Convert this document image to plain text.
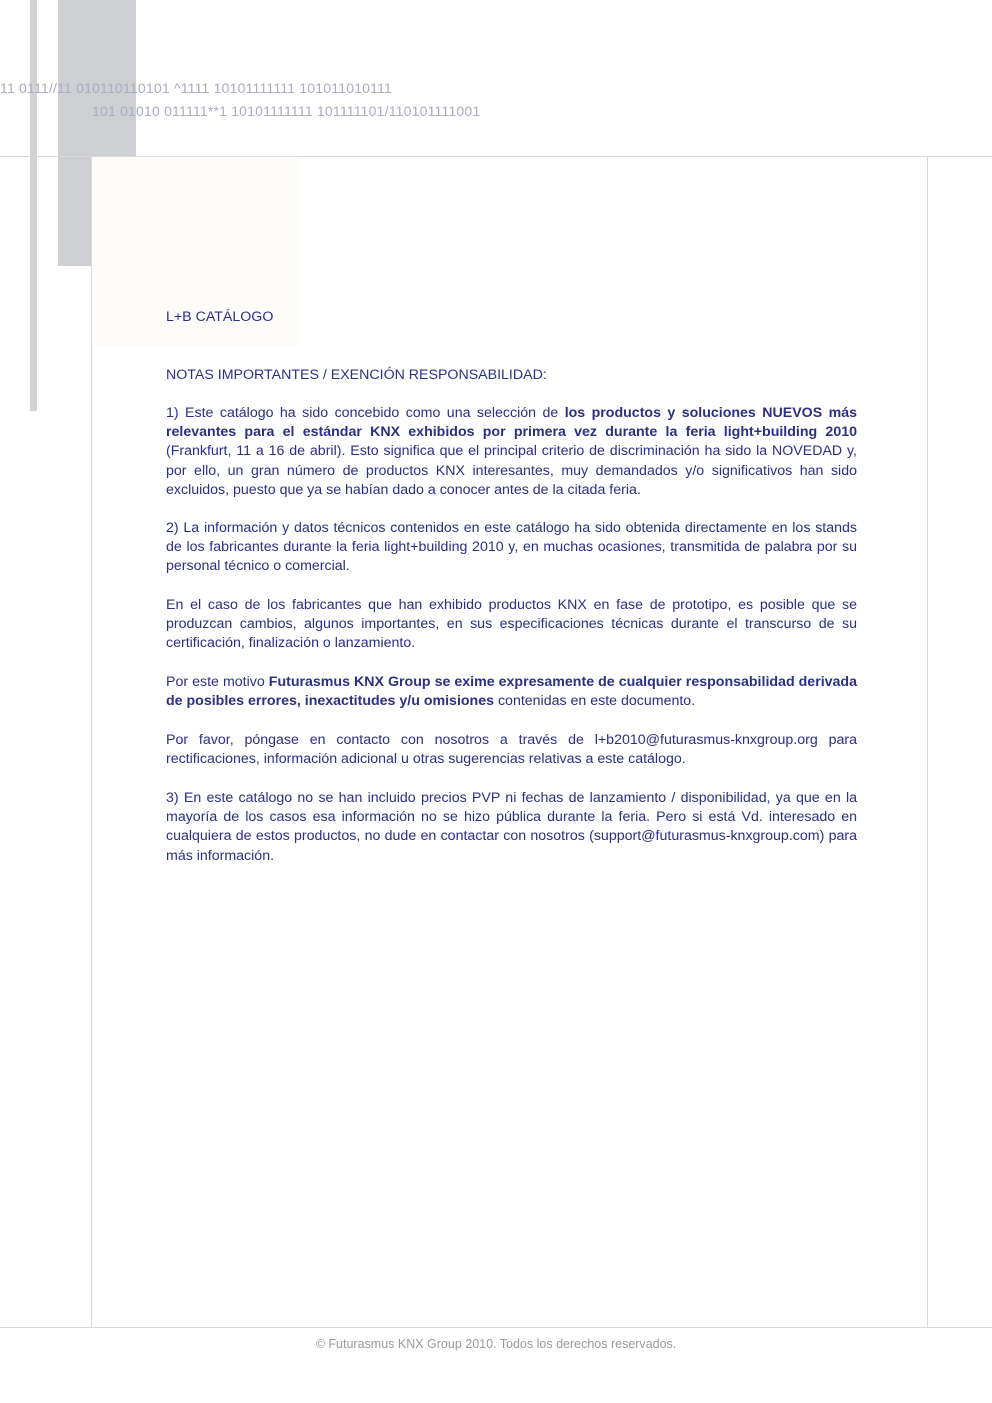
11 0111//11 010110110101 ^1111 10101111111 101011010111
101 01010 011111**1 10101111111 101111101/110101111001
L+B CATÁLOGO
NOTAS IMPORTANTES / EXENCIÓN RESPONSABILIDAD:
1) Este catálogo ha sido concebido como una selección de los productos y soluciones NUEVOS más relevantes para el estándar KNX exhibidos por primera vez durante la feria light+building 2010 (Frankfurt, 11 a 16 de abril). Esto significa que el principal criterio de discriminación ha sido la NOVEDAD y, por ello, un gran número de productos KNX interesantes, muy demandados y/o significativos han sido excluidos, puesto que ya se habían dado a conocer antes de la citada feria.
2) La información y datos técnicos contenidos en este catálogo ha sido obtenida directamente en los stands de los fabricantes durante la feria light+building 2010 y, en muchas ocasiones, transmitida de palabra por su personal técnico o comercial.
En el caso de los fabricantes que han exhibido productos KNX en fase de prototipo, es posible que se produzcan cambios, algunos importantes, en sus especificaciones técnicas durante el transcurso de su certificación, finalización o lanzamiento.
Por este motivo Futurasmus KNX Group se exime expresamente de cualquier responsabilidad derivada de posibles errores, inexactitudes y/u omisiones contenidas en este documento.
Por favor, póngase en contacto con nosotros a través de l+b2010@futurasmus-knxgroup.org para rectificaciones, información adicional u otras sugerencias relativas a este catálogo.
3) En este catálogo no se han incluido precios PVP ni fechas de lanzamiento / disponibilidad, ya que en la mayoría de los casos esa información no se hizo pública durante la feria. Pero si está Vd. interesado en cualquiera de estos productos, no dude en contactar con nosotros (support@futurasmus-knxgroup.com) para más información.
© Futurasmus KNX Group 2010. Todos los derechos reservados.
